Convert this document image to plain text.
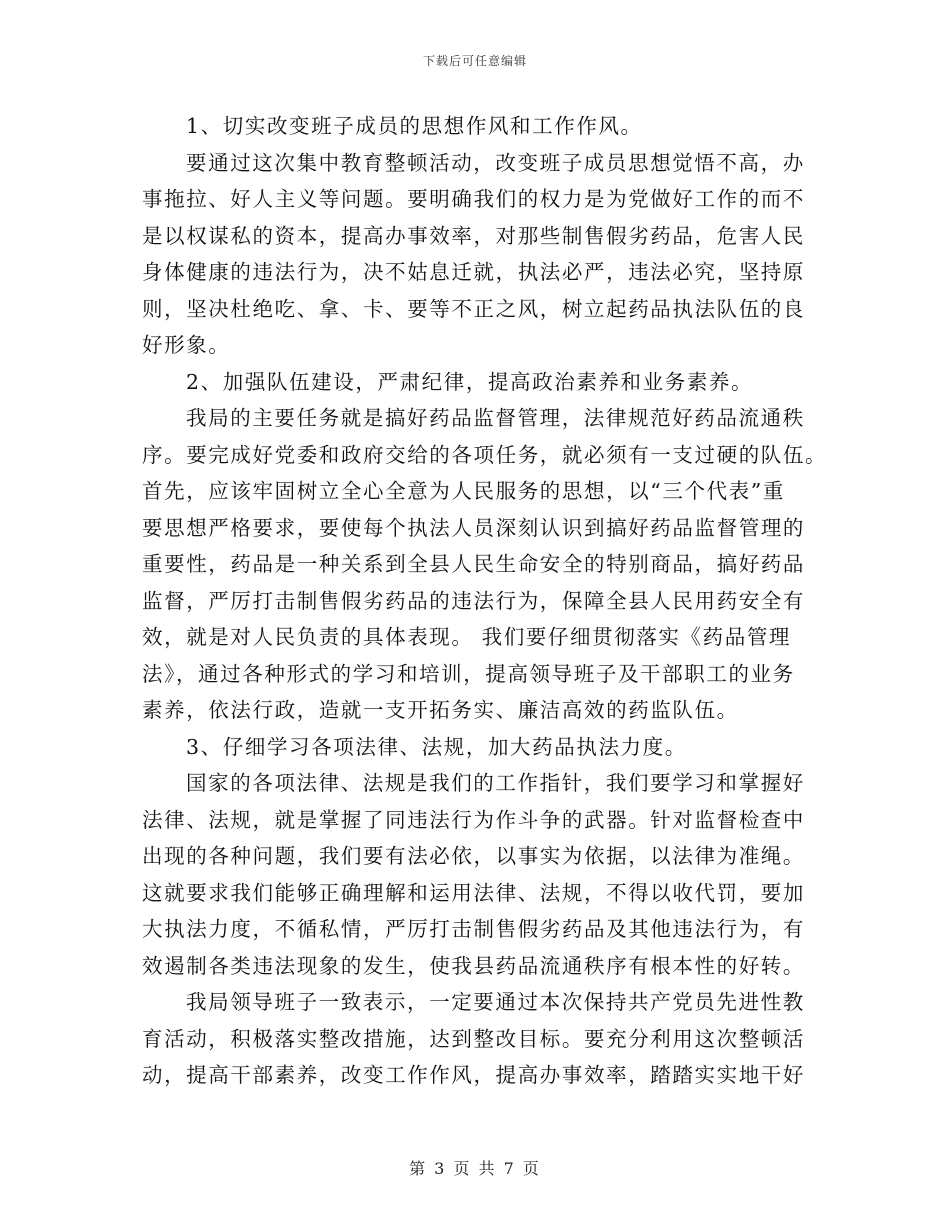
下载后可任意编辑
1、切实改变班子成员的思想作风和工作作风。
要通过这次集中教育整顿活动，改变班子成员思想觉悟不高，办
事拖拉、好人主义等问题。要明确我们的权力是为党做好工作的而不
是以权谋私的资本，提高办事效率，对那些制售假劣药品，危害人民
身体健康的违法行为，决不姑息迁就，执法必严，违法必究，坚持原
则，坚决杜绝吃、拿、卡、要等不正之风，树立起药品执法队伍的良
好形象。
2、加强队伍建设，严肃纪律，提高政治素养和业务素养。
我局的主要任务就是搞好药品监督管理，法律规范好药品流通秩
序。要完成好党委和政府交给的各项任务，就必须有一支过硬的队伍。
首先，应该牢固树立全心全意为人民服务的思想，以“三个代表”重
要思想严格要求，要使每个执法人员深刻认识到搞好药品监督管理的
重要性，药品是一种关系到全县人民生命安全的特别商品，搞好药品
监督，严厉打击制售假劣药品的违法行为，保障全县人民用药安全有
效，就是对人民负责的具体表现。 我们要仔细贯彻落实《药品管理
法》，通过各种形式的学习和培训，提高领导班子及干部职工的业务
素养，依法行政，造就一支开拓务实、廉洁高效的药监队伍。
3、仔细学习各项法律、法规，加大药品执法力度。
国家的各项法律、法规是我们的工作指针，我们要学习和掌握好
法律、法规，就是掌握了同违法行为作斗争的武器。针对监督检查中
出现的各种问题，我们要有法必依，以事实为依据，以法律为准绳。
这就要求我们能够正确理解和运用法律、法规，不得以收代罚，要加
大执法力度，不循私情，严厉打击制售假劣药品及其他违法行为，有
效遏制各类违法现象的发生，使我县药品流通秩序有根本性的好转。
我局领导班子一致表示，一定要通过本次保持共产党员先进性教
育活动，积极落实整改措施，达到整改目标。要充分利用这次整顿活
动，提高干部素养，改变工作作风，提高办事效率，踏踏实实地干好
第 3 页 共 7 页
